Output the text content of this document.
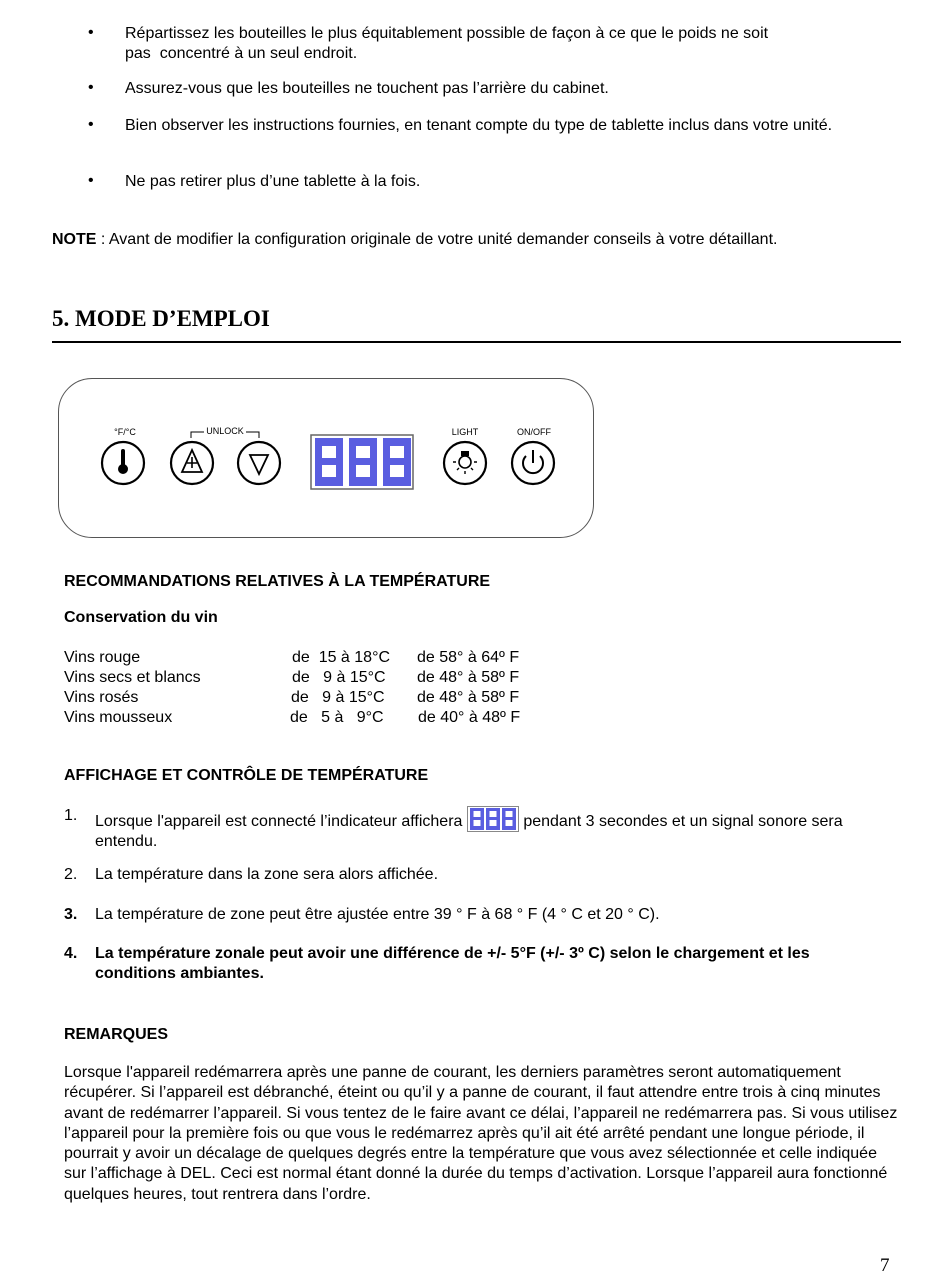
• Répartissez les bouteilles le plus équitablement possible de façon à ce que le poids ne soit pas  concentré à un seul endroit.
• Assurez-vous que les bouteilles ne touchent pas l’arrière du cabinet.
• Bien observer les instructions fournies, en tenant compte du type de tablette inclus dans votre unité.
• Ne pas retirer plus d’une tablette à la fois.
NOTE : Avant de modifier la configuration originale de votre unité demander conseils à votre détaillant.
5. MODE D’EMPLOI
°F/°C	UNLOCK	LIGHT	ON/OFF
RECOMMANDATIONS RELATIVES À LA TEMPÉRATURE
Conservation du vin
Vins rouge	de  15 à 18°C de 58° à 64º F
Vins secs et blancs	de   9 à 15°C de 48° à 58º F
Vins rosés	de   9 à 15°C de 48° à 58º F
Vins mousseux	de   5 à   9°C de 40° à 48º F
AFFICHAGE ET CONTRÔLE DE TEMPÉRATURE
1. Lorsque l'appareil est connecté l’indicateur affichera	pendant 3 secondes et un signal sonore sera entendu.
2. La température dans la zone sera alors affichée.
3. La température de zone peut être ajustée entre 39 ° F à 68 ° F (4 ° C et 20 ° C).
4. La température zonale peut avoir une différence de +/- 5°F (+/- 3º C) selon le chargement et les conditions ambiantes.
REMARQUES
Lorsque l'appareil redémarrera après une panne de courant, les derniers paramètres seront automatiquement récupérer. Si l’appareil est débranché, éteint ou qu’il y a panne de courant, il faut attendre entre trois à cinq minutes avant de redémarrer l’appareil. Si vous tentez de le faire avant ce délai, l’appareil ne redémarrera pas. Si vous utilisez l’appareil pour la première fois ou que vous le redémarrez après qu’il ait été arrêté pendant une longue période, il pourrait y avoir un décalage de quelques degrés entre la température que vous avez sélectionnée et celle indiquée sur l’affichage à DEL. Ceci est normal étant donné la durée du temps d’activation. Lorsque l’appareil aura fonctionné quelques heures, tout rentrera dans l’ordre.
7
